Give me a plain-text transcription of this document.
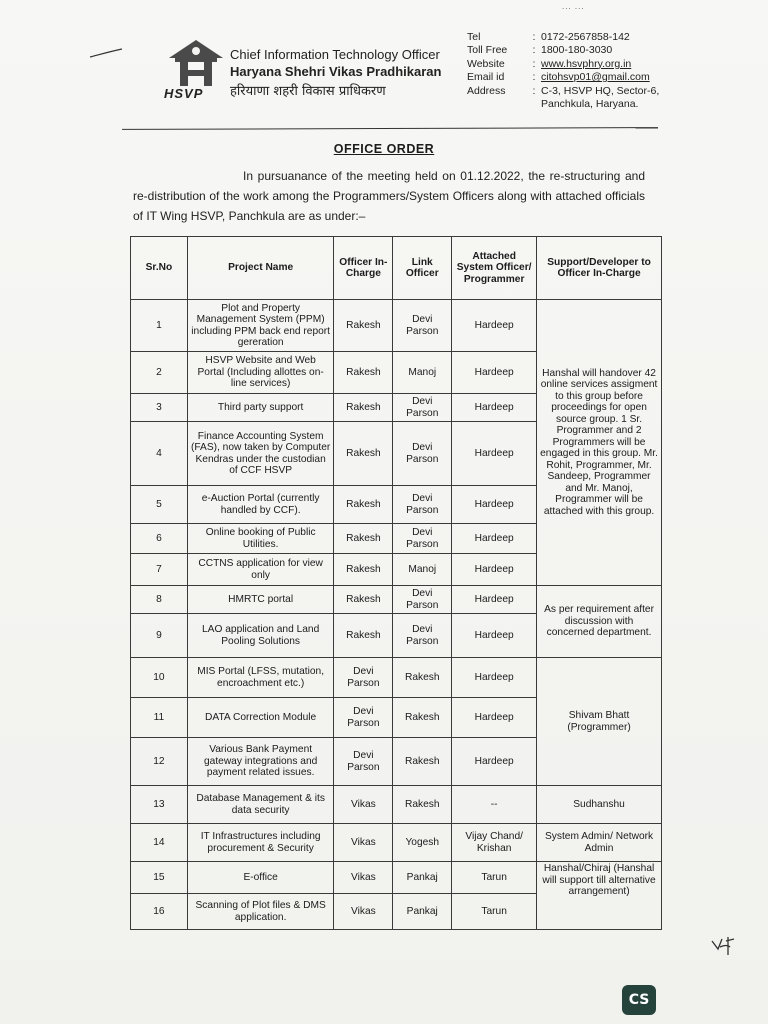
... ...
HSVP
Chief Information Technology Officer
Haryana Shehri Vikas Pradhikaran
हरियाणा शहरी विकास प्राधिकरण
Tel	: 0172-2567858-142
Toll Free	: 1800-180-3030
Website	: www.hsvphry.org.in
Email id	: citohsvp01@gmail.com
Address	: C-3, HSVP HQ, Sector-6,
Panchkula, Haryana.
OFFICE ORDER

In pursuanance of the meeting held on 01.12.2022, the re-structuring and re-distribution of the work among the Programmers/System Officers along with attached officials of IT Wing HSVP, Panchkula are as under:–

Sr.No	Project Name	Officer In-Charge	Link Officer	Attached System Officer/ Programmer	Support/Developer to Officer In-Charge
1	Plot and Property Management System (PPM) including PPM back end report gereration	Rakesh	Devi Parson	Hardeep	Hanshal will handover 42 online services assigment to this group before proceedings for open source group. 1 Sr. Programmer and 2 Programmers will be engaged in this group. Mr. Rohit, Programmer, Mr. Sandeep, Programmer and Mr. Manoj, Programmer will be attached with this group.
2	HSVP Website and Web Portal (Including allottes on-line services)	Rakesh	Manoj	Hardeep	
3	Third party support	Rakesh	Devi Parson	Hardeep	
4	Finance Accounting System (FAS), now taken by Computer Kendras under the custodian of CCF HSVP	Rakesh	Devi Parson	Hardeep	
5	e-Auction Portal (currently handled by CCF).	Rakesh	Devi Parson	Hardeep	
6	Online booking of Public Utilities.	Rakesh	Devi Parson	Hardeep	
7	CCTNS application for view only	Rakesh	Manoj	Hardeep	
8	HMRTC portal	Rakesh	Devi Parson	Hardeep	As per requirement after discussion with concerned department.
9	LAO application and Land Pooling Solutions	Rakesh	Devi Parson	Hardeep	
10	MIS Portal (LFSS, mutation, encroachment etc.)	Devi Parson	Rakesh	Hardeep	Shivam Bhatt (Programmer)
11	DATA Correction Module	Devi Parson	Rakesh	Hardeep	
12	Various Bank Payment gateway integrations and payment related issues.	Devi Parson	Rakesh	Hardeep	
13	Database Management & its data security	Vikas	Rakesh	--	Sudhanshu
14	IT Infrastructures including procurement & Security	Vikas	Yogesh	Vijay Chand/ Krishan	System Admin/ Network Admin
15	E-office	Vikas	Pankaj	Tarun	Hanshal/Chiraj (Hanshal will support till alternative arrangement)
16	Scanning of Plot files & DMS application.	Vikas	Pankaj	Tarun	
CS
